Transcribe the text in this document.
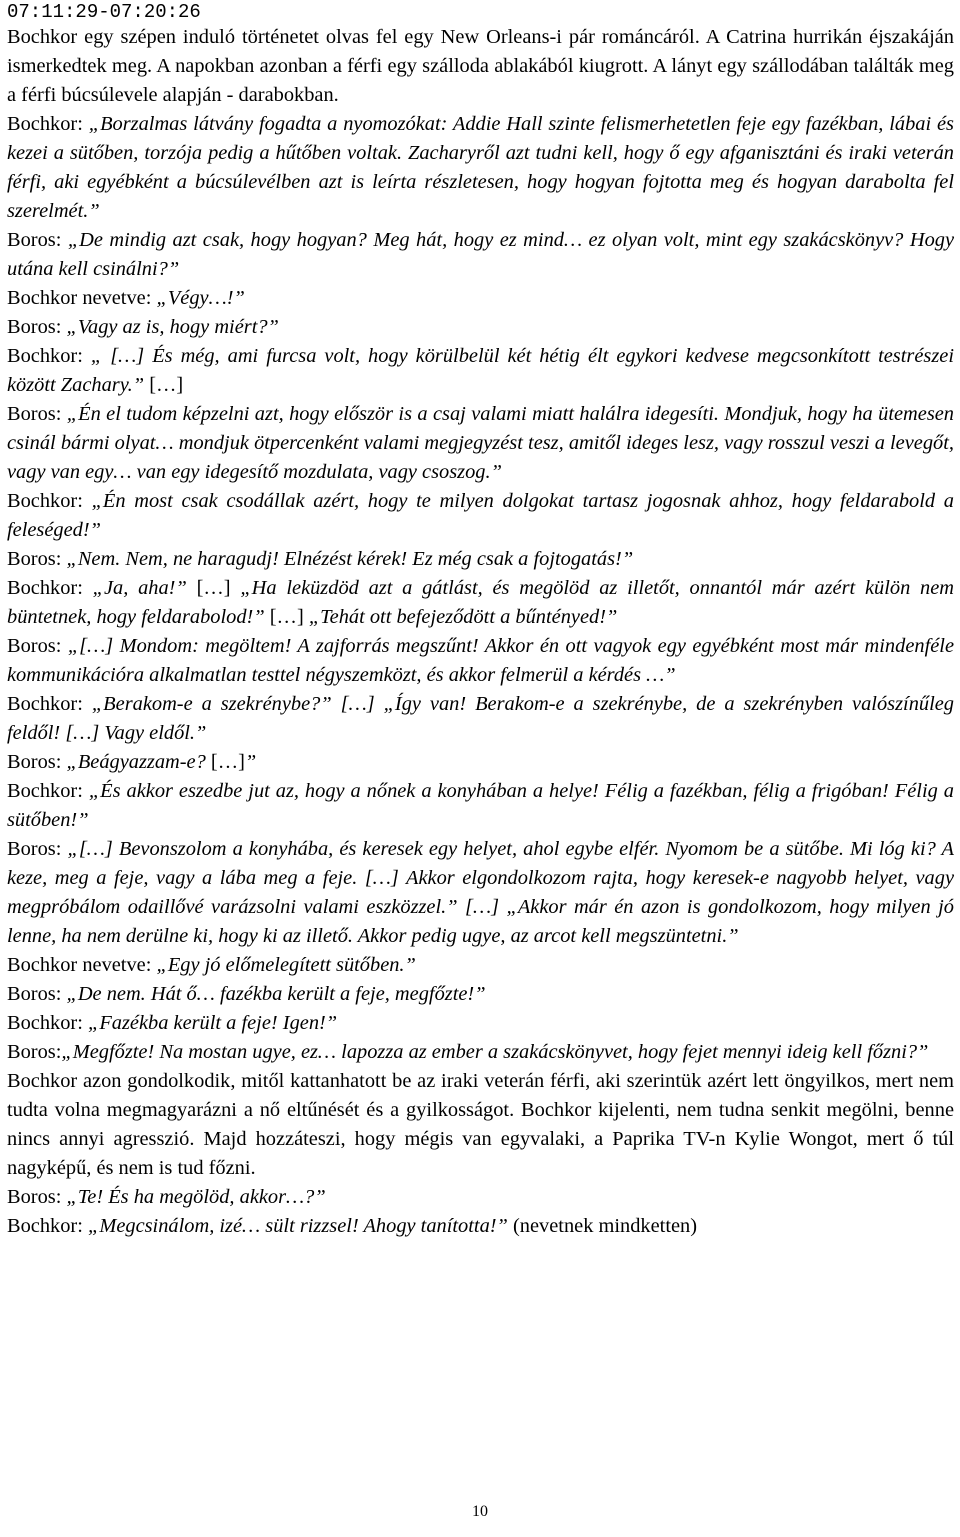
07:11:29-07:20:26

Bochkor egy szépen induló történetet olvas fel egy New Orleans-i pár románcáról. A Catrina hurrikán éjszakáján ismerkedtek meg. A napokban azonban a férfi egy szálloda ablakából kiugrott. A lányt egy szállodában találták meg a férfi búcsúlevele alapján - darabokban.

Bochkor: „Borzalmas látvány fogadta a nyomozókat: Addie Hall szinte felismerhetetlen feje egy fazékban, lábai és kezei a sütőben, torzója pedig a hűtőben voltak. Zacharyről azt tudni kell, hogy ő egy afganisztáni és iraki veterán férfi, aki egyébként a búcsúlevélben azt is leírta részletesen, hogy hogyan fojtotta meg és hogyan darabolta fel szerelmét.”

Boros: „De mindig azt csak, hogy hogyan? Meg hát, hogy ez mind… ez olyan volt, mint egy szakácskönyv? Hogy utána kell csinálni?”

Bochkor nevetve: „Végy…!”

Boros: „Vagy az is, hogy miért?”

Bochkor: „ […] És még, ami furcsa volt, hogy körülbelül két hétig élt egykori kedvese megcsonkított testrészei között Zachary.” […]

Boros: „Én el tudom képzelni azt, hogy először is a csaj valami miatt halálra idegesíti. Mondjuk, hogy ha ütemesen csinál bármi olyat… mondjuk ötpercenként valami megjegyzést tesz, amitől ideges lesz, vagy rosszul veszi a levegőt, vagy van egy… van egy idegesítő mozdulata, vagy csoszog.”

Bochkor: „Én most csak csodállak azért, hogy te milyen dolgokat tartasz jogosnak ahhoz, hogy feldarabold a feleséged!”

Boros: „Nem. Nem, ne haragudj! Elnézést kérek! Ez még csak a fojtogatás!”

Bochkor: „Ja, aha!” […] „Ha leküzdöd azt a gátlást, és megölöd az illetőt, onnantól már azért külön nem büntetnek, hogy feldarabolod!” […] „Tehát ott befejeződött a bűntényed!”

Boros: „[…] Mondom: megöltem! A zajforrás megszűnt! Akkor én ott vagyok egy egyébként most már mindenféle kommunikációra alkalmatlan testtel négyszemközt, és akkor felmerül a kérdés …”

Bochkor: „Berakom-e a szekrénybe?” […] „Így van! Berakom-e a szekrénybe, de a szekrényben valószínűleg feldől! […] Vagy eldől.”

Boros: „Beágyazzam-e? […]”

Bochkor: „És akkor eszedbe jut az, hogy a nőnek a konyhában a helye! Félig a fazékban, félig a frigóban! Félig a sütőben!”

Boros: „[…] Bevonszolom a konyhába, és keresek egy helyet, ahol egybe elfér. Nyomom be a sütőbe. Mi lóg ki? A keze, meg a feje, vagy a lába meg a feje. […] Akkor elgondolkozom rajta, hogy keresek-e nagyobb helyet, vagy megpróbálom odaillővé varázsolni valami eszközzel.” […] „Akkor már én azon is gondolkozom, hogy milyen jó lenne, ha nem derülne ki, hogy ki az illető. Akkor pedig ugye, az arcot kell megszüntetni.”

Bochkor nevetve: „Egy jó előmelegített sütőben.”

Boros: „De nem. Hát ő… fazékba került a feje, megfőzte!”

Bochkor: „Fazékba került a feje! Igen!”

Boros:„Megfőzte! Na mostan ugye, ez… lapozza az ember a szakácskönyvet, hogy fejet mennyi ideig kell főzni?”

Bochkor azon gondolkodik, mitől kattanhatott be az iraki veterán férfi, aki szerintük azért lett öngyilkos, mert nem tudta volna megmagyarázni a nő eltűnését és a gyilkosságot. Bochkor kijelenti, nem tudna senkit megölni, benne nincs annyi agresszió. Majd hozzáteszi, hogy mégis van egyvalaki, a Paprika TV-n Kylie Wongot, mert ő túl nagyképű, és nem is tud főzni.

Boros: „Te! És ha megölöd, akkor…?”

Bochkor: „Megcsinálom, izé… sült rizzsel! Ahogy tanította!” (nevetnek mindketten)

10
